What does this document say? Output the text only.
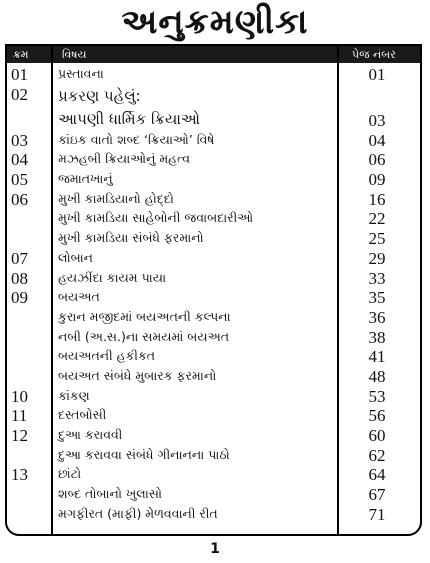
અનુક્રમણીકા
ક્રમ	વિષય	પેજ નંબર
01 પ્રસ્તાવના	01
02 પ્રકરણ પહેલું:
આપણી ધાર્મિક ક્રિયાઓ	03
03 કાંઇક વાતો શબ્દ ‘ક્રિયાઓ’ વિષે	04
04 મઝહબી ક્રિયાઓનું મહત્વ	06
05 જમાતખાનું	09
06 મુખી કામડિયાનો હોદ્દો	16
મુખી કામડિયા સાહેબોની જવાબદારીઓ	22
મુખી કામડિયા સંબંધે ફરમાનો	25
07 લોબાન	29
08 હયઝીંદા કાયમ પાયા	33
09 બયઅત	35
કુરાન મજીદમાં બયઅતની કલ્પના	36
નબી (અ.સ.)ના સમયમાં બયઅત	38
બયઅતની હકીકત	41
બયઅત સંબંધે મુબારક ફરમાનો	48
10 કાંકણ	53
11 દસ્તબોસી	56
12 દુઆ કરાવવી	60
દુઆ કરાવવા સંબંધે ગીનાનના પાઠો	62
13 છાંટો	64
શબ્દ તોબાનો ખુલાસો	67
મગફીરત (માફી) મેળવવાની રીત	71
1
